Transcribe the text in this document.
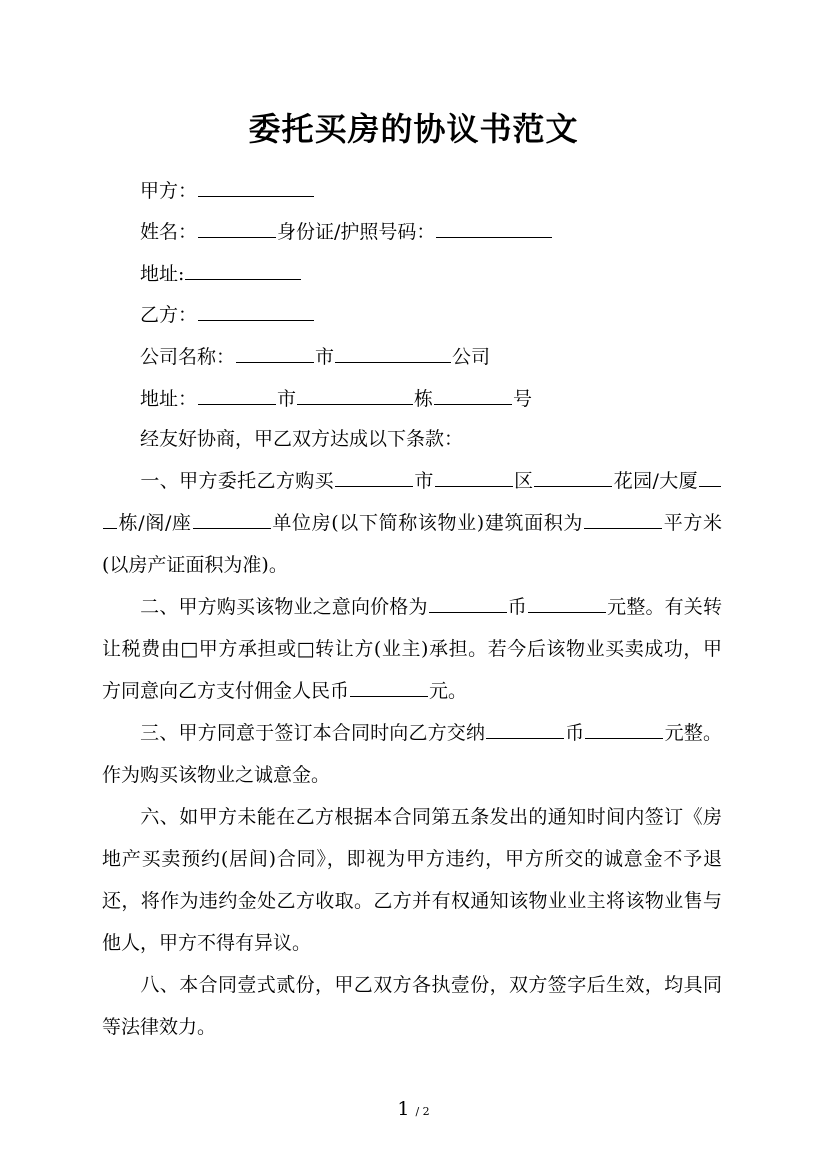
委托买房的协议书范文
甲方：
姓名：	身份证/护照号码：
地址:
乙方：
公司名称：	市	公司
地址：	市	栋	号
经友好协商，甲乙双方达成以下条款：
一、甲方委托乙方购买	市	区	花园/大厦栋/阁/座	单位房(以下简称该物业)建筑面积为	平方米(以房产证面积为准)。
二、甲方购买该物业之意向价格为	币	元整。有关转让税费由□甲方承担或□转让方(业主)承担。若今后该物业买卖成功，甲方同意向乙方支付佣金人民币	元。
三、甲方同意于签订本合同时向乙方交纳	币	元整。作为购买该物业之诚意金。
六、如甲方未能在乙方根据本合同第五条发出的通知时间内签订《房地产买卖预约(居间)合同》，即视为甲方违约，甲方所交的诚意金不予退还，将作为违约金处乙方收取。乙方并有权通知该物业业主将该物业售与他人，甲方不得有异议。
八、本合同壹式贰份，甲乙双方各执壹份，双方签字后生效，均具同等法律效力。
1 / 2
